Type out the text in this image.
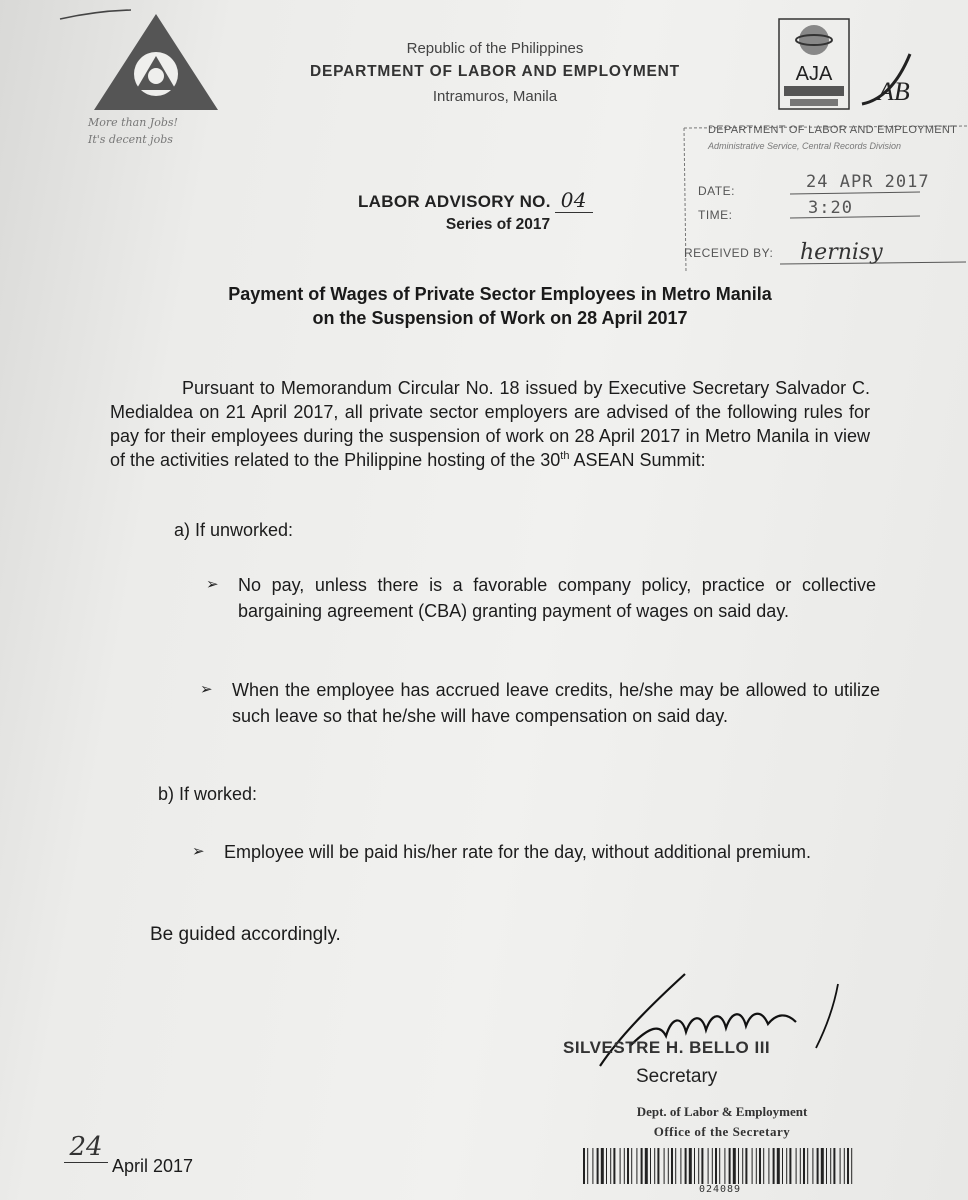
More than Jobs!
It's decent jobs
Republic of the Philippines
DEPARTMENT OF LABOR AND EMPLOYMENT
Intramuros, Manila
AJA
AB
DEPARTMENT OF LABOR AND EMPLOYMENT
Administrative Service, Central Records Division
DATE:	24 APR 2017
TIME:	3:20
RECEIVED BY: hernisy
LABOR ADVISORY NO. 04
Series of 2017
Payment of Wages of Private Sector Employees in Metro Manila
on the Suspension of Work on 28 April 2017
Pursuant to Memorandum Circular No. 18 issued by Executive Secretary Salvador C. Medialdea on 21 April 2017, all private sector employers are advised of the following rules for pay for their employees during the suspension of work on 28 April 2017 in Metro Manila in view of the activities related to the Philippine hosting of the 30th ASEAN Summit:
a) If unworked:
➢ No pay, unless there is a favorable company policy, practice or collective bargaining agreement (CBA) granting payment of wages on said day.
➢ When the employee has accrued leave credits, he/she may be allowed to utilize such leave so that he/she will have compensation on said day.
b) If worked:
➢ Employee will be paid his/her rate for the day, without additional premium.
Be guided accordingly.
SILVESTRE H. BELLO III
Secretary
Dept. of Labor & Employment
Office of the Secretary
024089
24
April 2017
